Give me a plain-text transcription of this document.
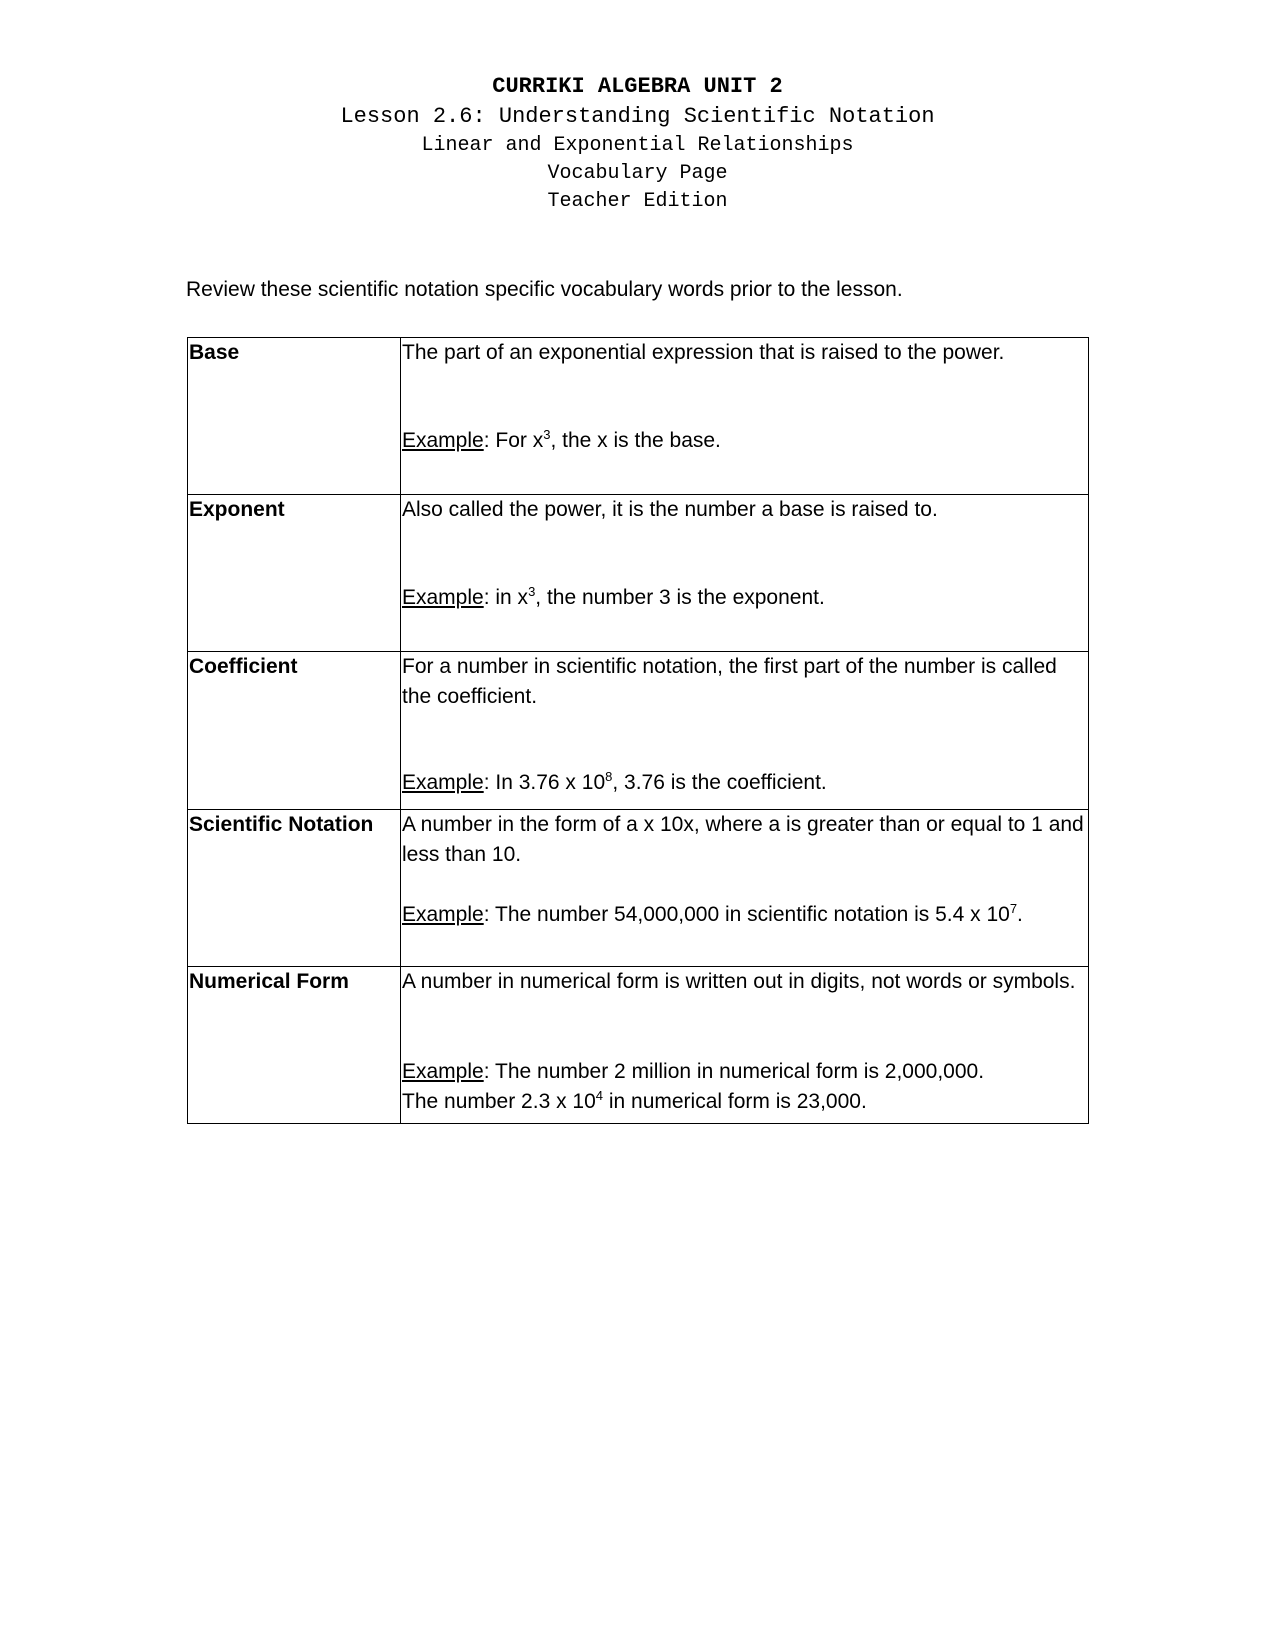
CURRIKI ALGEBRA UNIT 2
Lesson 2.6: Understanding Scientific Notation
Linear and Exponential Relationships
Vocabulary Page
Teacher Edition
Review these scientific notation specific vocabulary words prior to the lesson.
Base	The part of an exponential expression that is raised to the power.
Example: For $x^3$, the x is the base.

Exponent	Also called the power, it is the number a base is raised to.
Example: in $x^3$, the number 3 is the exponent.

Coefficient	For a number in scientific notation, the first part of the number is called the coefficient.
Example: In 3.76 x $10^8$, 3.76 is the coefficient.

Scientific Notation	A number in the form of a x 10x, where a is greater than or equal to 1 and less than 10.
Example: The number 54,000,000 in scientific notation is 5.4 x $10^7$.

Numerical Form	A number in numerical form is written out in digits, not words or symbols.
Example: The number 2 million in numerical form is 2,000,000.
The number 2.3 x $10^4$ in numerical form is 23,000.
